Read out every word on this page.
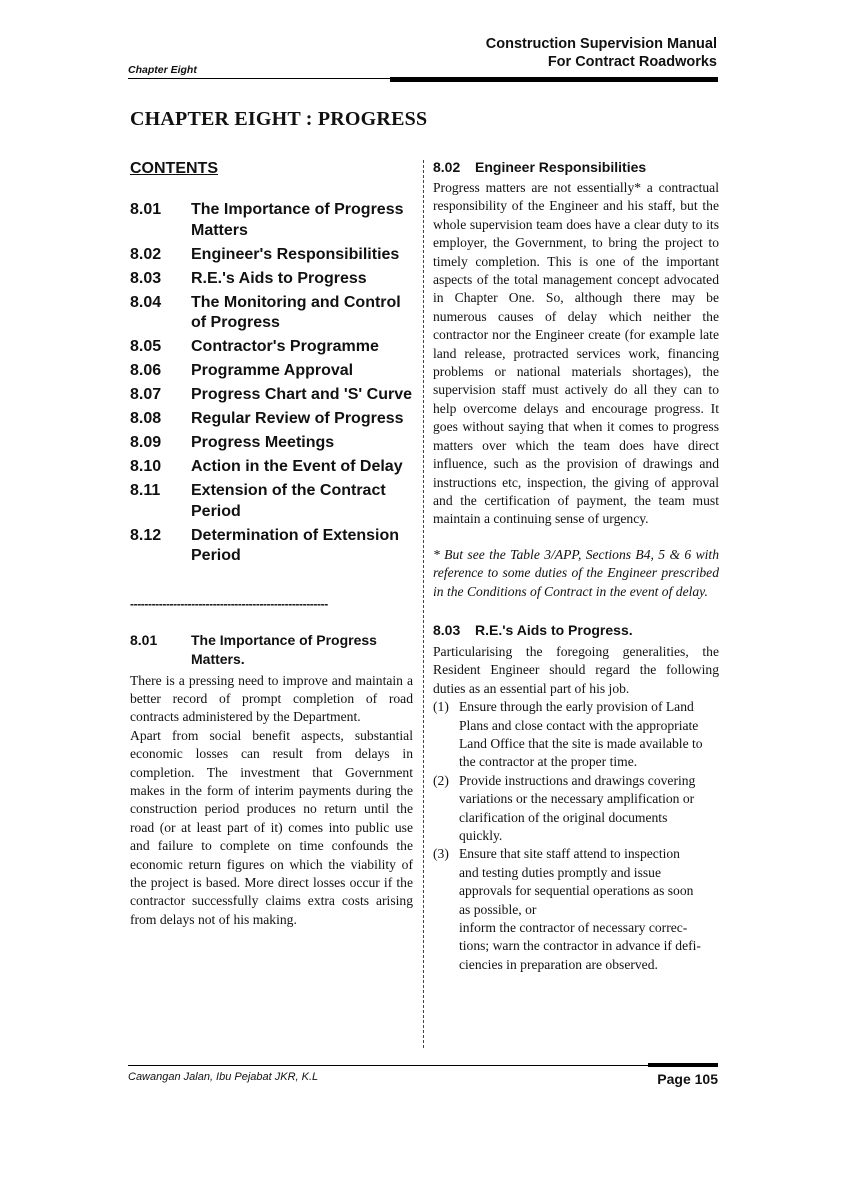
Construction Supervision Manual
For Contract Roadworks
Chapter Eight
CHAPTER EIGHT : PROGRESS
CONTENTS
8.01	The Importance of Progress Matters
8.02	Engineer's Responsibilities
8.03	R.E.'s Aids to Progress
8.04	The Monitoring and Control of Progress
8.05	Contractor's Programme
8.06	Programme Approval
8.07	Progress Chart and 'S' Curve
8.08	Regular Review of Progress
8.09	Progress Meetings
8.10	Action in the Event of Delay
8.11	Extension of the Contract Period
8.12	Determination of Extension Period
-------------------------------------------------------
8.01	The Importance of Progress Matters.

There is a pressing need to improve and maintain a better record of prompt completion of road contracts administered by the Department.

Apart from social benefit aspects, substantial economic losses can result from delays in completion. The investment that Government makes in the form of interim payments during the construction period produces no return until the road (or at least part of it) comes into public use and failure to complete on time confounds the economic return figures on which the viability of the project is based. More direct losses occur if the contractor successfully claims extra costs arising from delays not of his making.

8.02	Engineer Responsibilities

Progress matters are not essentially* a contractual responsibility of the Engineer and his staff, but the whole supervision team does have a clear duty to its employer, the Government, to bring the project to timely completion. This is one of the important aspects of the total management concept advocated in Chapter One. So, although there may be numerous causes of delay which neither the contractor nor the Engineer create (for example late land release, protracted services work, financing problems or national materials shortages), the supervision staff must actively do all they can to help overcome delays and encourage progress. It goes without saying that when it comes to progress matters over which the team does have direct influence, such as the provision of drawings and instructions etc, inspection, the giving of approval and the certification of payment, the team must maintain a continuing sense of urgency.

* But see the Table 3/APP, Sections B4, 5 & 6 with reference to some duties of the Engineer prescribed in the Conditions of Contract in the event of delay.

8.03	R.E.'s Aids to Progress.

Particularising the foregoing generalities, the Resident Engineer should regard the following duties as an essential part of his job.

(1) Ensure through the early provision of Land
Plans and close contact with the appropriate
Land Office that the site is made available to
the contractor at the proper time.
(2) Provide instructions and drawings covering
variations or the necessary amplification or
clarification of the original documents
quickly.
(3) Ensure that site staff attend to inspection
and testing duties promptly and issue
approvals for sequential operations as soon
as possible, or
inform the contractor of necessary correc-
tions; warn the contractor in advance if defi-
ciencies in preparation are observed.
Cawangan Jalan, Ibu Pejabat JKR, K.L	Page 105
